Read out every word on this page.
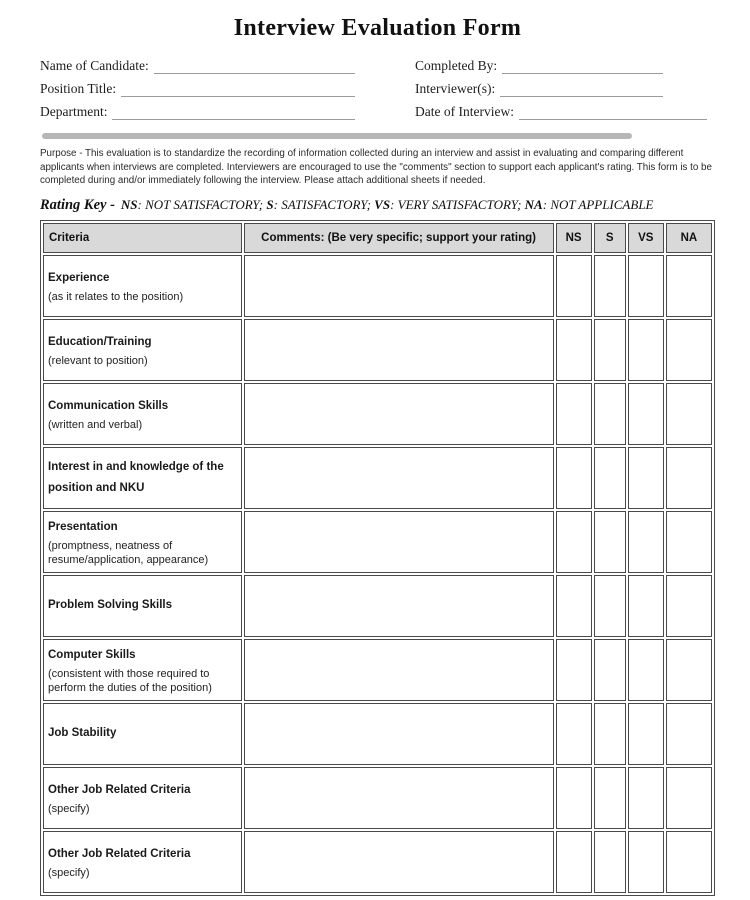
Interview Evaluation Form
Name of Candidate:
Position Title:
Department:
Completed By:
Interviewer(s):
Date of Interview:
Purpose - This evaluation is to standardize the recording of information collected during an interview and assist in evaluating and comparing different applicants when interviews are completed. Interviewers are encouraged to use the "comments" section to support each applicant's rating. This form is to be completed during and/or immediately following the interview. Please attach additional sheets if needed.
Rating Key - NS: NOT SATISFACTORY; S: SATISFACTORY; VS: VERY SATISFACTORY; NA: NOT APPLICABLE
Criteria	Comments: (Be very specific; support your rating)	NS	S	VS	NA

Experience
(as it relates to the position)					

Education/Training
(relevant to position)					

Communication Skills
(written and verbal)					

Interest in and knowledge of the position and NKU					

Presentation
(promptness, neatness of resume/application, appearance)					

Problem Solving Skills					

Computer Skills
(consistent with those required to perform the duties of the position)					

Job Stability					

Other Job Related Criteria
(specify)					

Other Job Related Criteria
(specify)					
